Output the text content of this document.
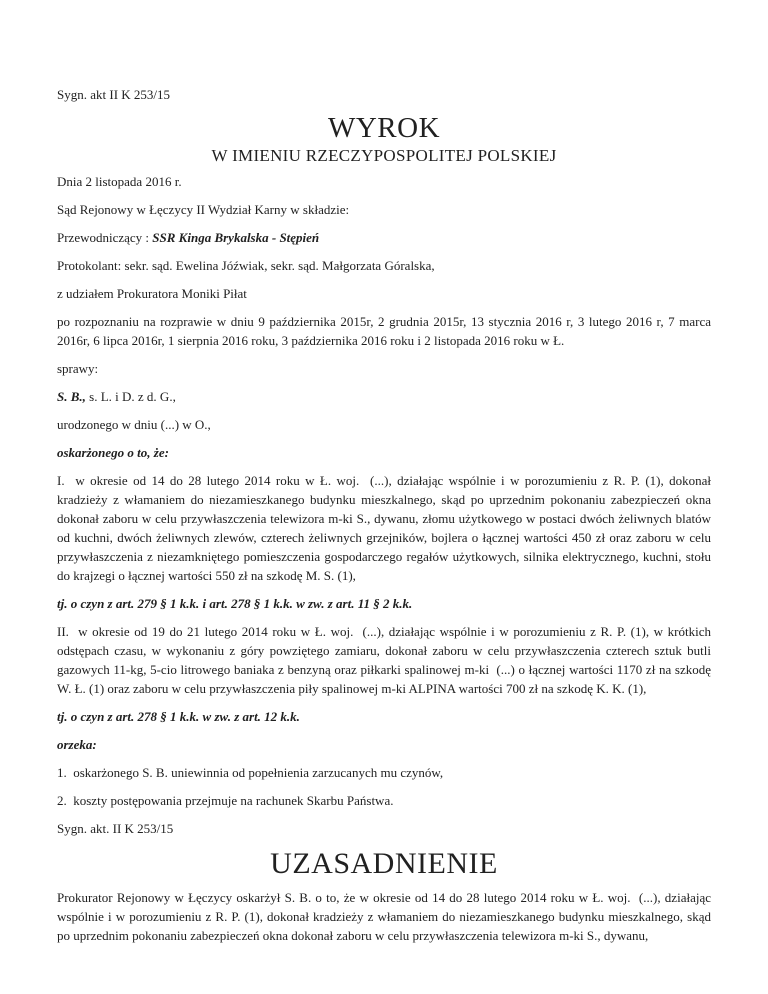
Sygn. akt II K 253/15

WYROK
W IMIENIU RZECZYPOSPOLITEJ POLSKIEJ

Dnia 2 listopada 2016 r.

Sąd Rejonowy w Łęczycy II Wydział Karny w składzie:

Przewodniczący : SSR Kinga Brykalska - Stępień

Protokolant: sekr. sąd. Ewelina Jóźwiak, sekr. sąd. Małgorzata Góralska,

z udziałem Prokuratora Moniki Piłat

po rozpoznaniu na rozprawie w dniu 9 października 2015r, 2 grudnia 2015r, 13 stycznia 2016 r, 3 lutego 2016 r, 7 marca 2016r, 6 lipca 2016r, 1 sierpnia 2016 roku, 3 października 2016 roku i 2 listopada 2016 roku w Ł.

sprawy:

S. B., s. L. i D. z d. G.,

urodzonego w dniu (...) w O.,

oskarżonego o to, że:

I.  w okresie od 14 do 28 lutego 2014 roku w Ł. woj.  (...), działając wspólnie i w porozumieniu z R. P. (1), dokonał kradzieży z włamaniem do niezamieszkanego budynku mieszkalnego, skąd po uprzednim pokonaniu zabezpieczeń okna dokonał zaboru w celu przywłaszczenia telewizora m-ki S., dywanu, złomu użytkowego w postaci dwóch żeliwnych blatów od kuchni, dwóch żeliwnych zlewów, czterech żeliwnych grzejników, bojlera o łącznej wartości 450 zł oraz zaboru w celu przywłaszczenia z niezamkniętego pomieszczenia gospodarczego regałów użytkowych, silnika elektrycznego, kuchni, stołu do krajzegi o łącznej wartości 550 zł na szkodę M. S. (1),

tj. o czyn z art. 279 § 1 k.k. i art. 278 § 1 k.k. w zw. z art. 11 § 2 k.k.

II.  w okresie od 19 do 21 lutego 2014 roku w Ł. woj.  (...), działając wspólnie i w porozumieniu z R. P. (1), w krótkich odstępach czasu, w wykonaniu z góry powziętego zamiaru, dokonał zaboru w celu przywłaszczenia czterech sztuk butli gazowych 11-kg, 5-cio litrowego baniaka z benzyną oraz piłkarki spalinowej m-ki  (...) o łącznej wartości 1170 zł na szkodę W. Ł. (1) oraz zaboru w celu przywłaszczenia piły spalinowej m-ki ALPINA wartości 700 zł na szkodę K. K. (1),

tj. o czyn z art. 278 § 1 k.k. w zw. z art. 12 k.k.

orzeka:

1.  oskarżonego S. B. uniewinnia od popełnienia zarzucanych mu czynów,

2.  koszty postępowania przejmuje na rachunek Skarbu Państwa.

Sygn. akt. II K 253/15

UZASADNIENIE

Prokurator Rejonowy w Łęczycy oskarżył S. B. o to, że w okresie od 14 do 28 lutego 2014 roku w Ł. woj.  (...), działając wspólnie i w porozumieniu z R. P. (1), dokonał kradzieży z włamaniem do niezamieszkanego budynku mieszkalnego, skąd po uprzednim pokonaniu zabezpieczeń okna dokonał zaboru w celu przywłaszczenia telewizora m-ki S., dywanu,
